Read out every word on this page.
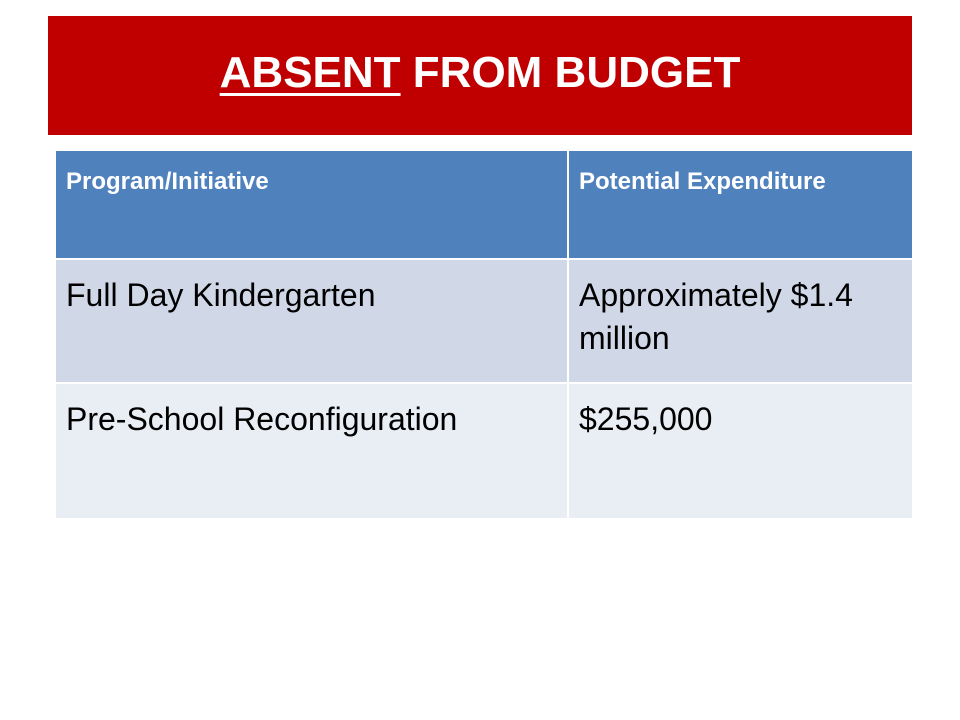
ABSENT FROM BUDGET
Program/Initiative	Potential Expenditure
Full Day Kindergarten	Approximately $1.4 million
Pre-School Reconfiguration	$255,000
